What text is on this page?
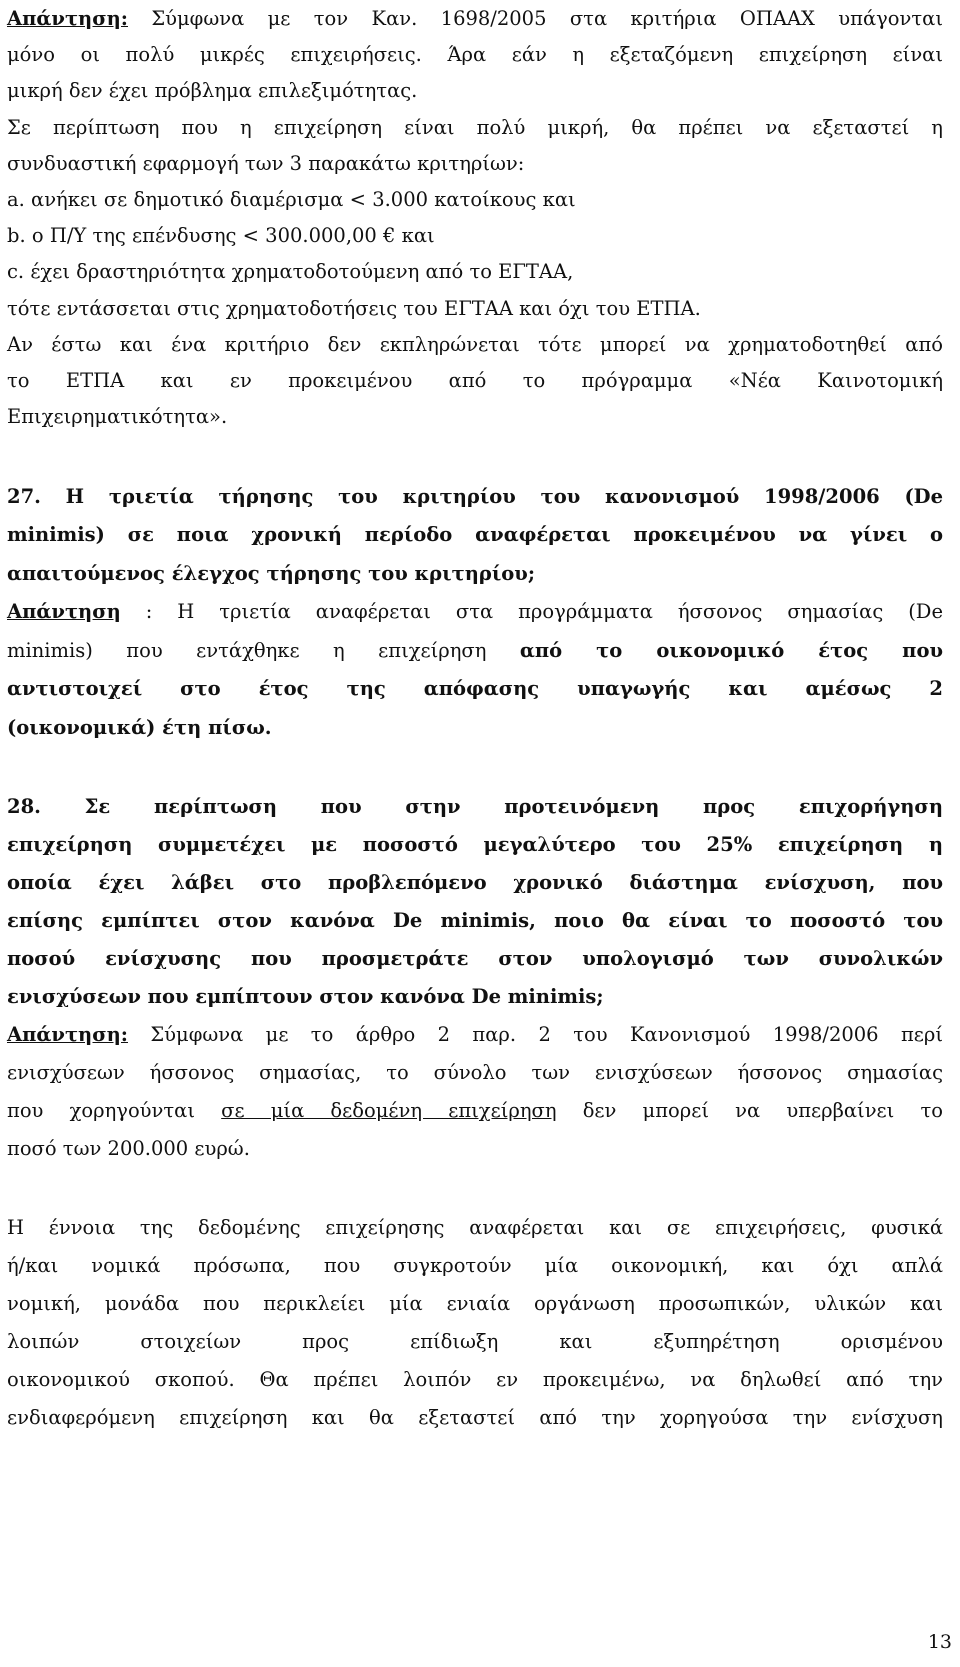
Απάντηση: Σύμφωνα με τον Καν. 1698/2005 στα κριτήρια ΟΠΑΑΧ υπάγονται
μόνο οι πολύ μικρές επιχειρήσεις. Άρα εάν η εξεταζόμενη επιχείρηση είναι
μικρή δεν έχει πρόβλημα επιλεξιμότητας.
Σε περίπτωση που η επιχείρηση είναι πολύ μικρή, θα πρέπει να εξεταστεί η
συνδυαστική εφαρμογή των 3 παρακάτω κριτηρίων:
a. ανήκει σε δημοτικό διαμέρισμα < 3.000 κατοίκους και
b. ο Π/Υ της επένδυσης < 300.000,00 € και
c. έχει δραστηριότητα χρηματοδοτούμενη από το ΕΓΤΑΑ,
τότε εντάσσεται στις χρηματοδοτήσεις του ΕΓΤΑΑ και όχι του ΕΤΠΑ.
Αν έστω και ένα κριτήριο δεν εκπληρώνεται τότε μπορεί να χρηματοδοτηθεί από
το ΕΤΠΑ και εν προκειμένου από το πρόγραμμα «Νέα Καινοτομική
Επιχειρηματικότητα».
27. Η τριετία τήρησης του κριτηρίου του κανονισμού 1998/2006 (De
minimis) σε ποια χρονική περίοδο αναφέρεται προκειμένου να γίνει ο
απαιτούμενος έλεγχος τήρησης του κριτηρίου;
Απάντηση : Η τριετία αναφέρεται στα προγράμματα ήσσονος σημασίας (De
minimis) που εντάχθηκε η επιχείρηση από το οικονομικό έτος που
αντιστοιχεί στο έτος της απόφασης υπαγωγής και αμέσως 2
(οικονομικά) έτη πίσω.
28. Σε περίπτωση που στην προτεινόμενη προς επιχορήγηση
επιχείρηση συμμετέχει με ποσοστό μεγαλύτερο του 25% επιχείρηση η
οποία έχει λάβει στο προβλεπόμενο χρονικό διάστημα ενίσχυση, που
επίσης εμπίπτει στον κανόνα De minimis, ποιο θα είναι το ποσοστό του
ποσού ενίσχυσης που προσμετράτε στον υπολογισμό των συνολικών
ενισχύσεων που εμπίπτουν στον κανόνα De minimis;
Απάντηση: Σύμφωνα με το άρθρο 2 παρ. 2 του Κανονισμού 1998/2006 περί
ενισχύσεων ήσσονος σημασίας, το σύνολο των ενισχύσεων ήσσονος σημασίας
που χορηγούνται σε μία δεδομένη επιχείρηση δεν μπορεί να υπερβαίνει το
ποσό των 200.000 ευρώ.
Η έννοια της δεδομένης επιχείρησης αναφέρεται και σε επιχειρήσεις, φυσικά
ή/και νομικά πρόσωπα, που συγκροτούν μία οικονομική, και όχι απλά
νομική, μονάδα που περικλείει μία ενιαία οργάνωση προσωπικών, υλικών και
λοιπών στοιχείων προς επίδιωξη και εξυπηρέτηση ορισμένου
οικονομικού σκοπού. Θα πρέπει λοιπόν εν προκειμένω, να δηλωθεί από την
ενδιαφερόμενη επιχείρηση και θα εξεταστεί από την χορηγούσα την ενίσχυση
13
